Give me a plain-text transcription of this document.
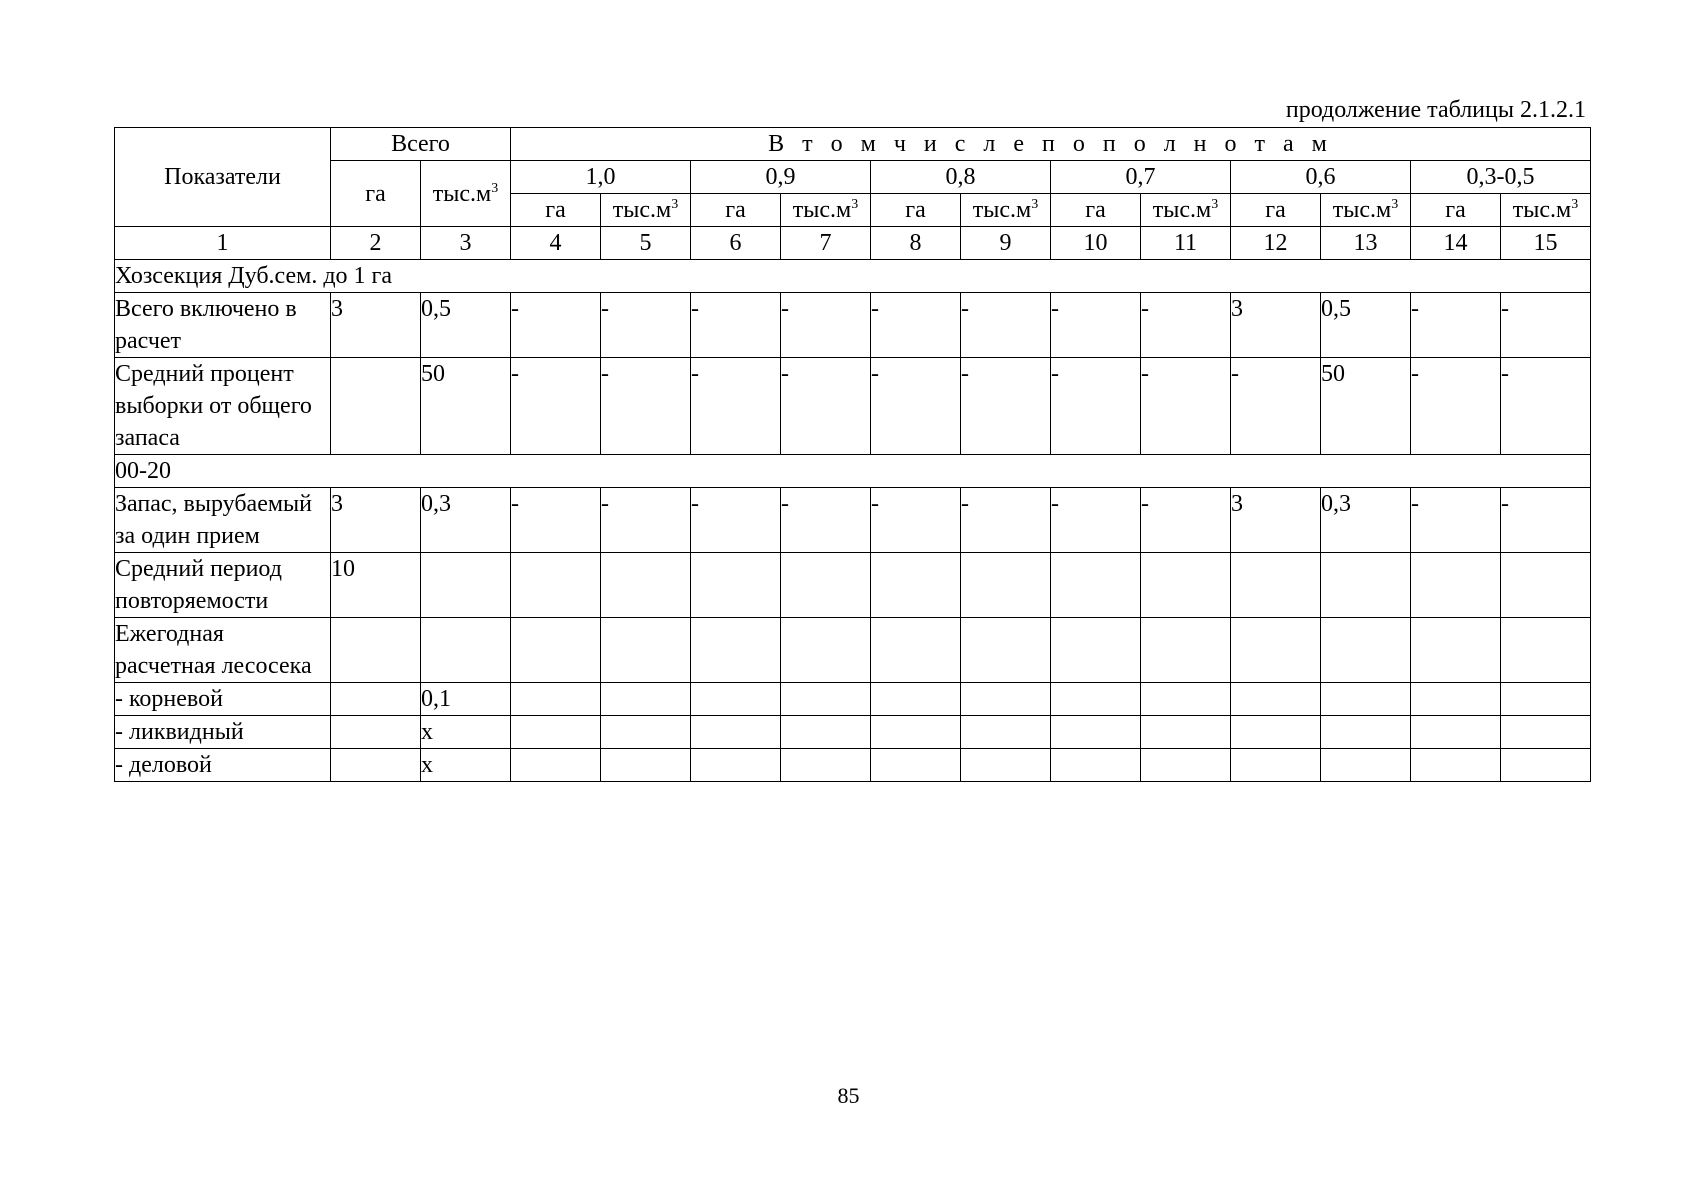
продолжение таблицы 2.1.2.1
Показатели	Всего		В т о м ч и с л е п о п о л н о т а м											
	га	$тыс.м^3$	1,0		0,9		0,8		0,7		0,6		0,3-0,5	
			га	$тыс.м^3$	га	$тыс.м^3$	га	$тыс.м^3$	га	$тыс.м^3$	га	$тыс.м^3$	га	$тыс.м^3$
1	2	3	4	5	6	7	8	9	10	11	12	13	14	15
Хозсекция Дуб.сем. до 1 га														
Всего включено в расчет	3	0,5	-	-	-	-	-	-	-	-	3	0,5	-	-
Средний процент выборки от общего запаса		50	-	-	-	-	-	-	-	-	-	50	-	-
00-20														
Запас, вырубаемый за один прием	3	0,3	-	-	-	-	-	-	-	-	3	0,3	-	-
Средний период повторяемости	10													
Ежегодная расчетная лесосека														
- корневой		0,1												
- ликвидный		х												
- деловой		х												
85
